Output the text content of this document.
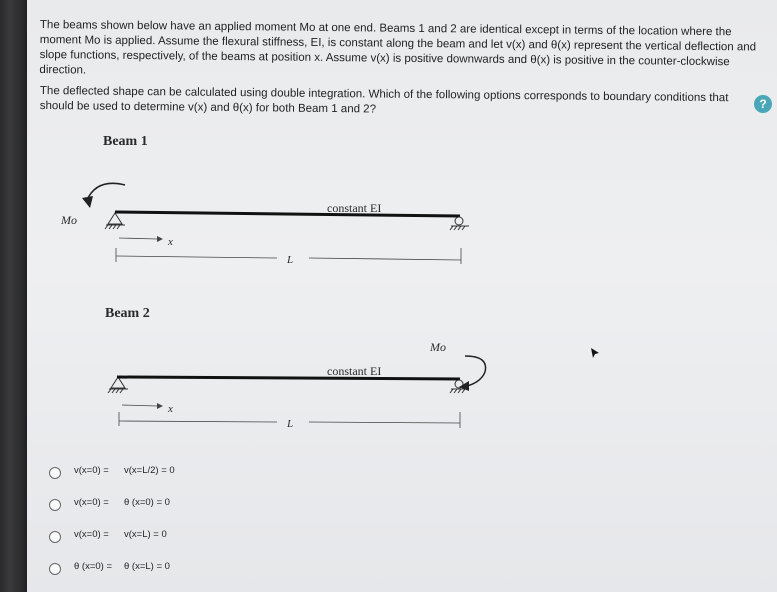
The beams shown below have an applied moment Mo at one end. Beams 1 and 2 are identical except in terms of the location where the moment Mo is applied. Assume the flexural stiffness, EI, is constant along the beam and let v(x) and θ(x) represent the vertical deflection and slope functions, respectively, of the beams at position x. Assume v(x) is positive downwards and θ(x) is positive in the counter-clockwise direction.
The deflected shape can be calculated using double integration. Which of the following options corresponds to boundary conditions that should be used to determine v(x) and θ(x) for both Beam 1 and 2?	?
Beam 1
Mo
constant EI
x
L
Beam 2
constant EI
Mo
x
L
v(x=0) = v(x=L/2) = 0
v(x=0) = θ (x=0) = 0
v(x=0) = v(x=L) = 0
θ (x=0) = θ (x=L) = 0
